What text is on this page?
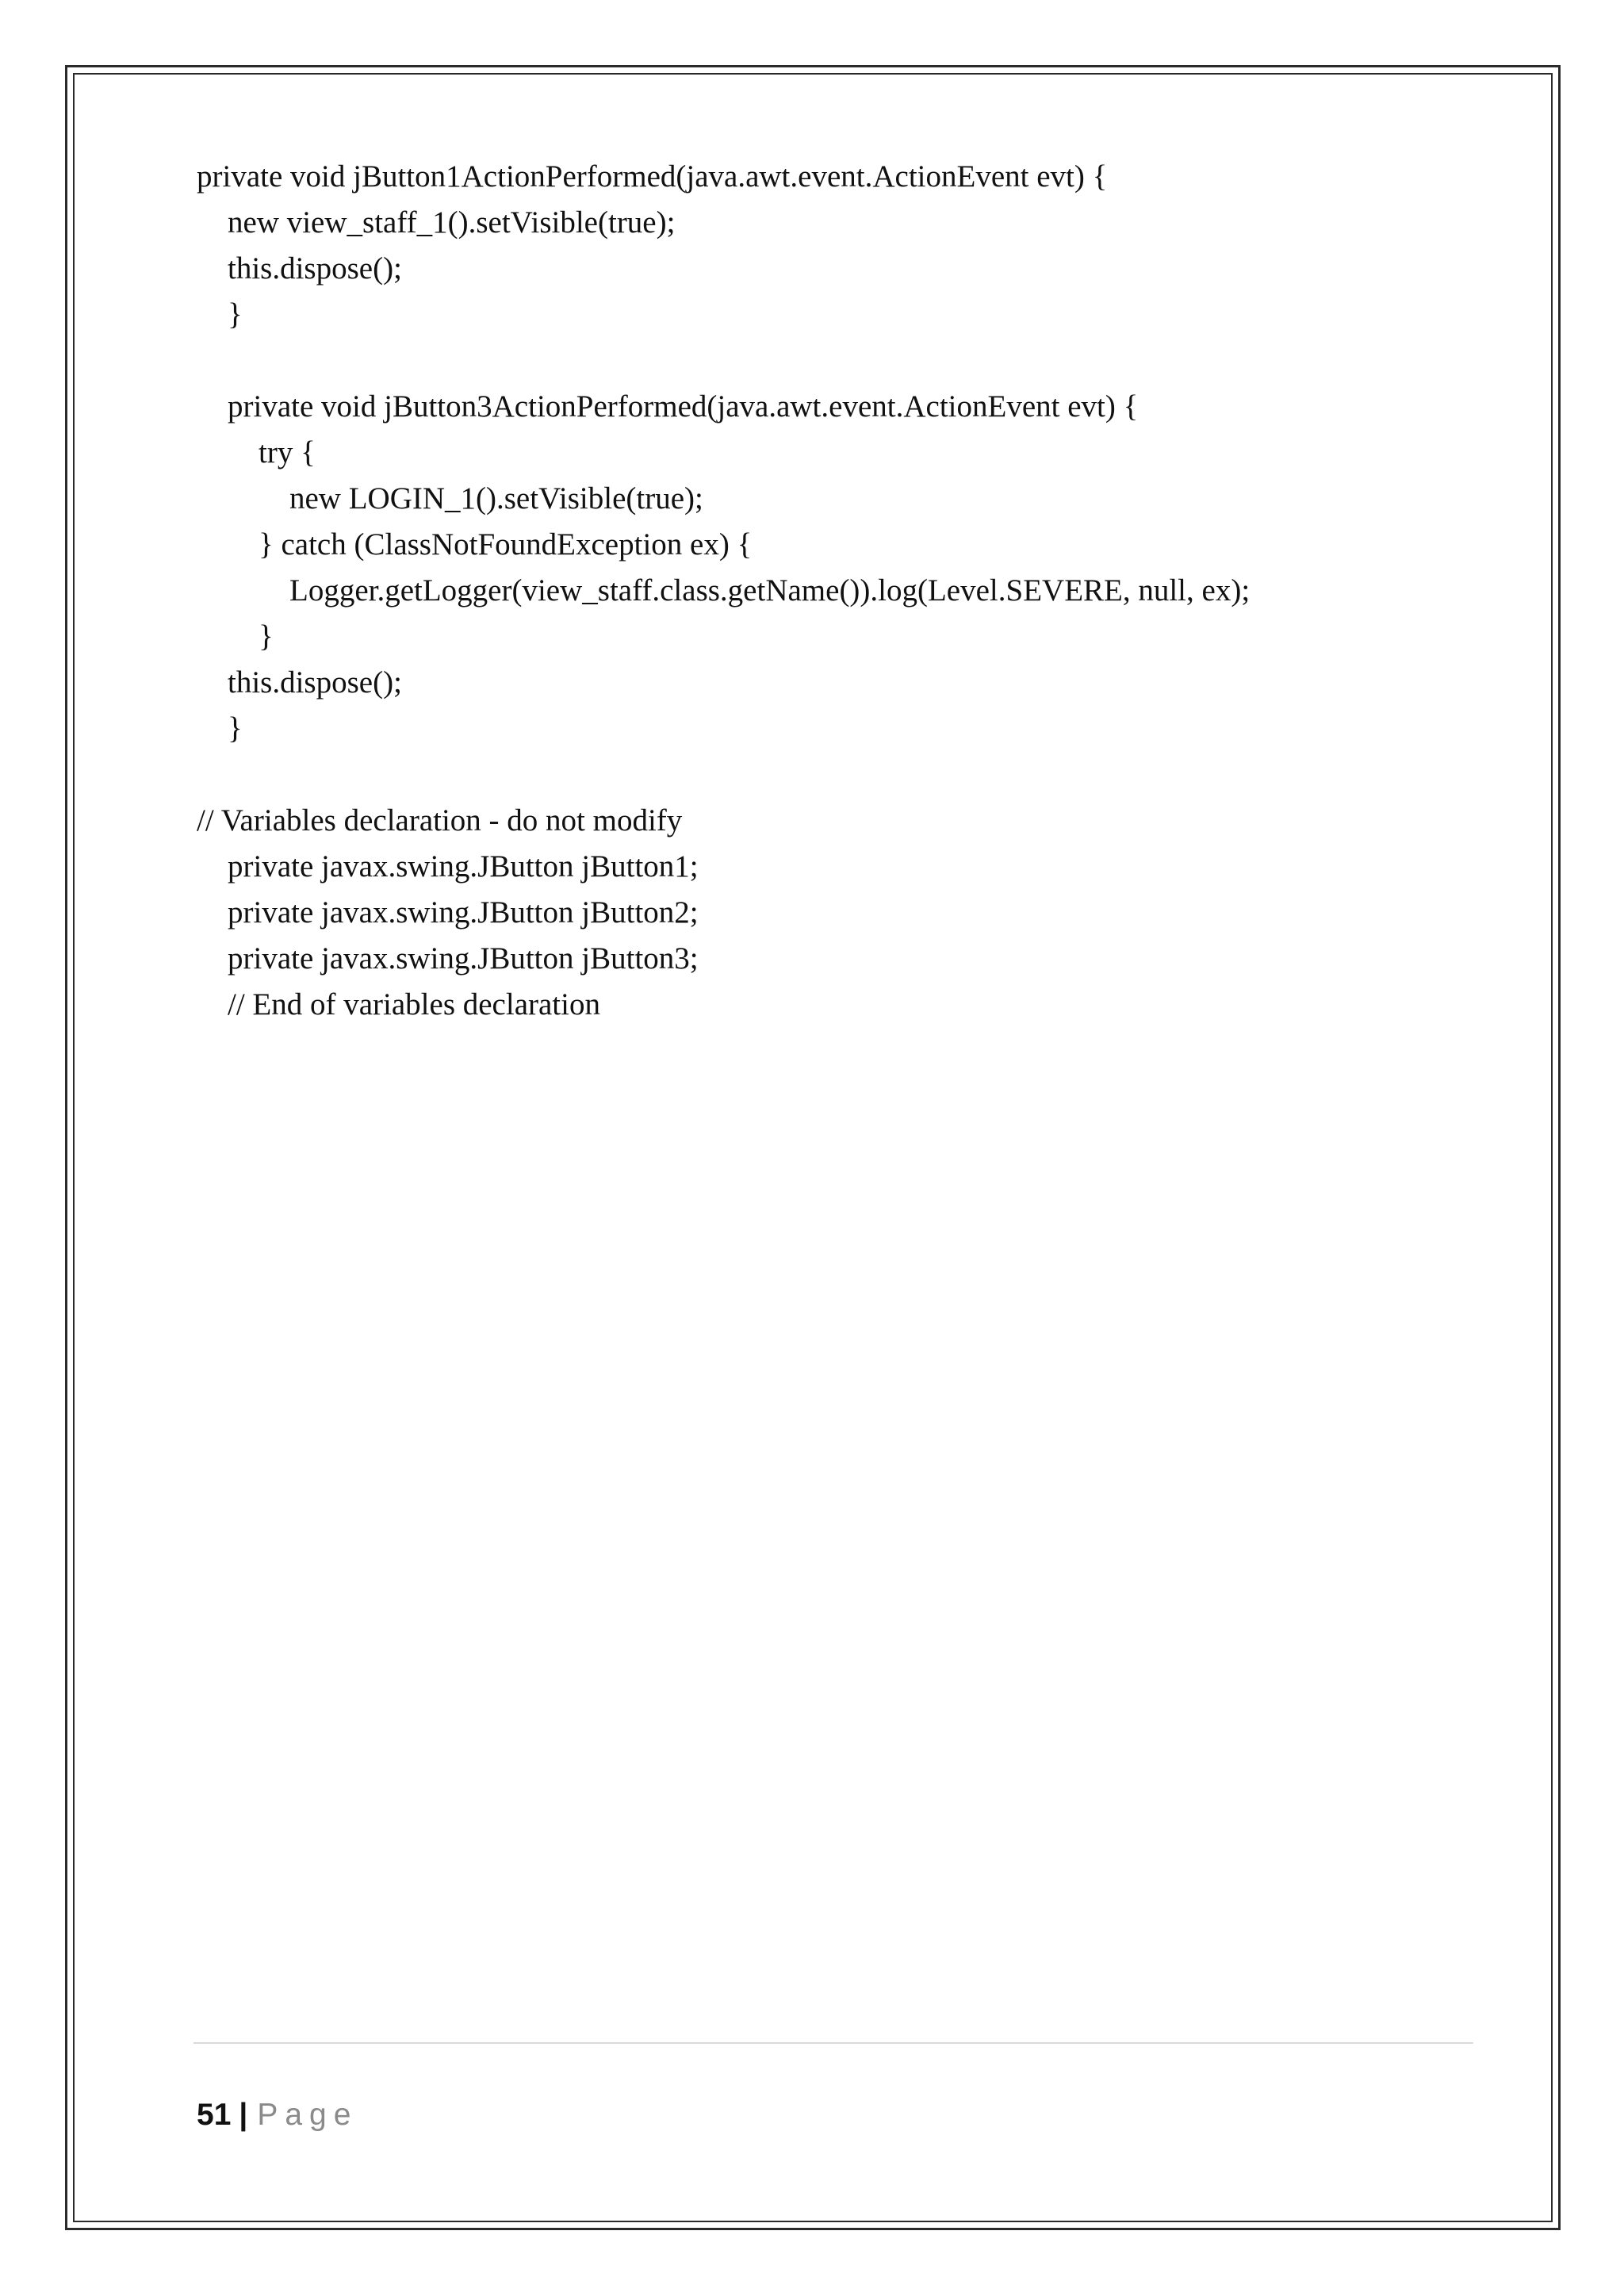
private void jButton1ActionPerformed(java.awt.event.ActionEvent evt) {
new view_staff_1().setVisible(true);
this.dispose();
}
private void jButton3ActionPerformed(java.awt.event.ActionEvent evt) {
try {
new LOGIN_1().setVisible(true);
} catch (ClassNotFoundException ex) {
Logger.getLogger(view_staff.class.getName()).log(Level.SEVERE, null, ex);
}
this.dispose();
}
// Variables declaration - do not modify
private javax.swing.JButton jButton1;
private javax.swing.JButton jButton2;
private javax.swing.JButton jButton3;
// End of variables declaration
51 | Page
